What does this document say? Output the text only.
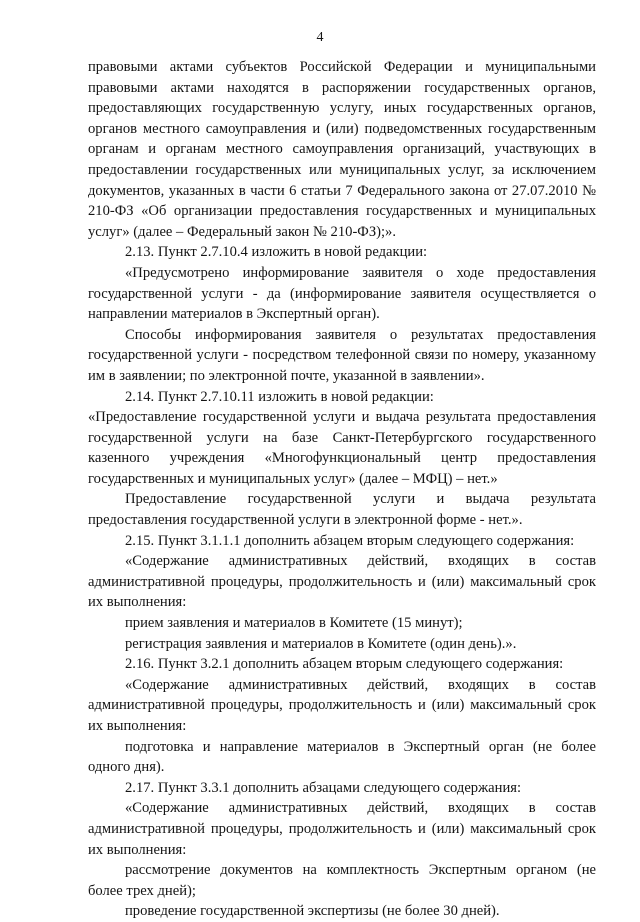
4

правовыми актами субъектов Российской Федерации и муниципальными правовыми актами находятся в распоряжении государственных органов, предоставляющих государственную услугу, иных государственных органов, органов местного самоуправления и (или) подведомственных государственным органам и органам местного самоуправления организаций, участвующих в предоставлении государственных или муниципальных услуг, за исключением документов, указанных в части 6 статьи 7 Федерального закона от 27.07.2010 № 210-ФЗ «Об организации предоставления государственных и муниципальных услуг» (далее – Федеральный закон № 210-ФЗ);».

2.13. Пункт 2.7.10.4 изложить в новой редакции:

«Предусмотрено информирование заявителя о ходе предоставления государственной услуги - да (информирование заявителя осуществляется о направлении материалов в Экспертный орган).

Способы информирования заявителя о результатах предоставления государственной услуги - посредством телефонной связи по номеру, указанному им в заявлении; по электронной почте, указанной в заявлении».

2.14. Пункт 2.7.10.11 изложить в новой редакции:

«Предоставление государственной услуги и выдача результата предоставления государственной услуги на базе Санкт-Петербургского государственного казенного учреждения «Многофункциональный центр предоставления государственных и муниципальных услуг» (далее – МФЦ) – нет.»

Предоставление государственной услуги и выдача результата предоставления государственной услуги в электронной форме - нет.».

2.15. Пункт 3.1.1.1 дополнить абзацем вторым следующего содержания:

«Содержание административных действий, входящих в состав административной процедуры, продолжительность и (или) максимальный срок их выполнения:

прием заявления и материалов в Комитете (15 минут);

регистрация заявления и материалов в Комитете (один день).».

2.16. Пункт 3.2.1 дополнить абзацем вторым следующего содержания:

«Содержание административных действий, входящих в состав административной процедуры, продолжительность и (или) максимальный срок их выполнения:

подготовка и направление материалов в Экспертный орган (не более одного дня).

2.17. Пункт 3.3.1 дополнить абзацами следующего содержания:

«Содержание административных действий, входящих в состав административной процедуры, продолжительность и (или) максимальный срок их выполнения:

рассмотрение документов на комплектность Экспертным органом (не более трех дней);

проведение государственной экспертизы (не более 30 дней).
